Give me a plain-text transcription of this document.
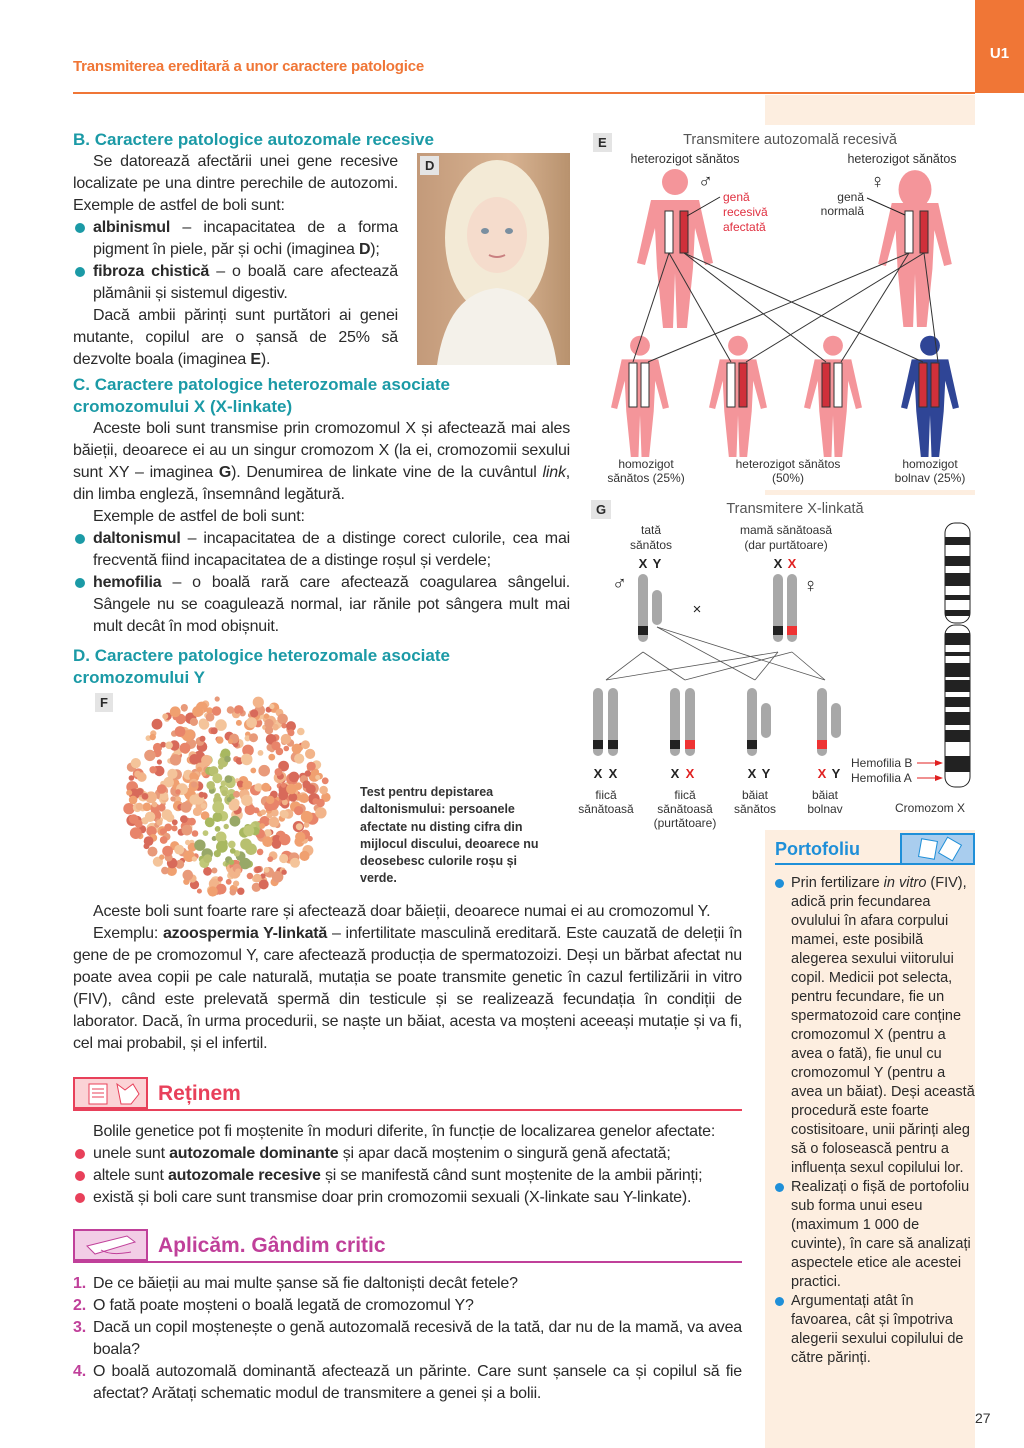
U1
Transmiterea ereditară a unor caractere patologice
B. Caractere patologice autozomale recesive
D

Se datorează afectării unei gene recesive localizate pe una dintre perechile de autozomi. Exemple de astfel de boli sunt:

albinismul – incapacitatea de a forma pigment în piele, păr și ochi (imaginea D);

fibroza chistică – o boală care afectează plămânii și sistemul digestiv.

Dacă ambii părinți sunt purtători ai genei mutante, copilul are o șansă de 25% să dezvolte boala (imaginea E).

C. Caractere patologice heterozomale asociate cromozomului X (X-linkate)

Aceste boli sunt transmise prin cromozomul X și afectează mai ales băieții, deoarece ei au un singur cromozom X (la ei, cromozomii sexului sunt XY – imaginea G). Denumirea de linkate vine de la cuvântul link, din limba engleză, însemnând legătură.

Exemple de astfel de boli sunt:

daltonismul – incapacitatea de a distinge corect culorile, cea mai frecventă fiind incapacitatea de a distinge roșul și verdele;

hemofilia – o boală rară care afectează coagularea sângelui. Sângele nu se coagulează normal, iar rănile pot sângera mult mai mult decât în mod obișnuit.

D. Caractere patologice heterozomale asociate cromozomului Y
F
Test pentru depistarea daltonismului: persoanele afectate nu disting cifra din mijlocul discului, deoarece nu deosebesc culorile roșu și verde.

Aceste boli sunt foarte rare și afectează doar băieții, deoarece numai ei au cromozomul Y.

Exemplu: azoospermia Y-linkată – infertilitate masculină ereditară. Este cauzată de deleții în gene de pe cromozomul Y, care afectează producția de spermatozoizi. Deși un bărbat afectat nu poate avea copii pe cale naturală, mutația se poate transmite genetic în cazul fertilizării in vitro (FIV), când este prelevată spermă din testicule și se realizează fecundația în condiții de laborator. Dacă, în urma procedurii, se naște un băiat, acesta va moșteni aceeași mutație și va fi, cel mai probabil, și el infertil.

Reținem

Bolile genetice pot fi moștenite în moduri diferite, în funcție de localizarea genelor afectate:

unele sunt autozomale dominante și apar dacă moștenim o singură genă afectată;

altele sunt autozomale recesive și se manifestă când sunt moștenite de la ambii părinți;

există și boli care sunt transmise doar prin cromozomii sexuali (X-linkate sau Y-linkate).

Aplicăm. Gândim critic

1. De ce băieții au mai multe șanse să fie daltoniști decât fetele?

2. O fată poate moșteni o boală legată de cromozomul Y?

3. Dacă un copil moștenește o genă autozomală recesivă de la tată, dar nu de la mamă, va avea boala?

4. O boală autozomală dominantă afectează un părinte. Care sunt șansele ca și copilul să fie afectat? Arătați schematic modul de transmitere a genei și a bolii.

E	Transmitere autozomală recesivă
heterozigot sănătos	heterozigot sănătos
♂	♀
genă recesivă afectată
genă normală
homozigot sănătos (25%)
heterozigot sănătos (50%)
homozigot bolnav (25%)
G	Transmitere X-linkată
tată sănătos
mamă sănătoasă (dar purtătoare)
X Y	X X
♂	♀
×
X X
fiică
sănătoasă
X X
fiică
sănătoasă
(purtătoare)
X Y
băiat
sănătos
X Y
băiat
bolnav
Hemofilia B
Hemofilia A
Cromozom X
Portofoliu

Prin fertilizare in vitro (FIV), adică prin fecundarea ovulului în afara corpului mamei, este posibilă alegerea sexului viitorului copil. Medicii pot selecta, pentru fecundare, fie un spermatozoid care conține cromozomul X (pentru a avea o fată), fie unul cu cromozomul Y (pentru a avea un băiat). Deși această procedură este foarte costisitoare, unii părinți aleg să o folosească pentru a influența sexul copilului lor.

Realizați o fișă de portofoliu sub forma unui eseu (maximum 1 000 de cuvinte), în care să analizați aspectele etice ale acestei practici.

Argumentați atât în favoarea, cât și împotriva alegerii sexului copilului de către părinți.

27
